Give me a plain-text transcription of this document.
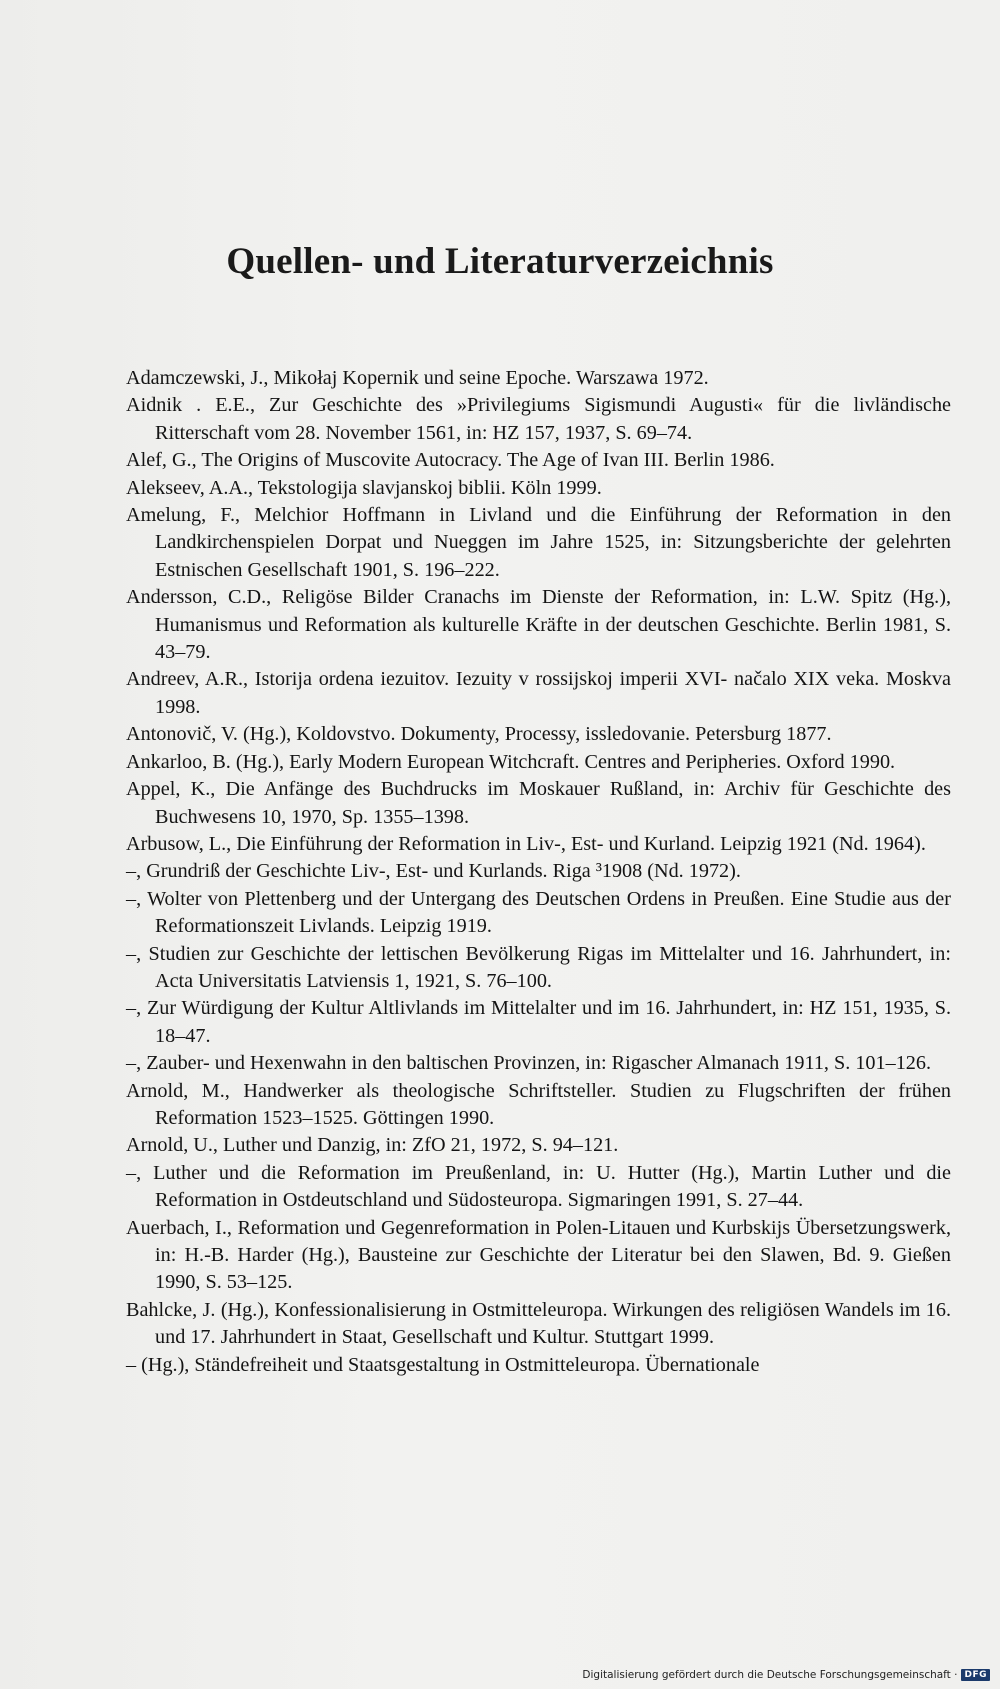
Quellen- und Literaturverzeichnis

Adamczewski, J., Mikołaj Kopernik und seine Epoche. Warszawa 1972.

Aidnik . E.E., Zur Geschichte des »Privilegiums Sigismundi Augusti« für die livländische Ritterschaft vom 28. November 1561, in: HZ 157, 1937, S. 69–74.

Alef, G., The Origins of Muscovite Autocracy. The Age of Ivan III. Berlin 1986.

Alekseev, A.A., Tekstologija slavjanskoj biblii. Köln 1999.

Amelung, F., Melchior Hoffmann in Livland und die Einführung der Reformation in den Landkirchenspielen Dorpat und Nueggen im Jahre 1525, in: Sitzungsberichte der gelehrten Estnischen Gesellschaft 1901, S. 196–222.

Andersson, C.D., Religöse Bilder Cranachs im Dienste der Reformation, in: L.W. Spitz (Hg.), Humanismus und Reformation als kulturelle Kräfte in der deutschen Geschichte. Berlin 1981, S. 43–79.

Andreev, A.R., Istorija ordena iezuitov. Iezuity v rossijskoj imperii XVI- načalo XIX veka. Moskva 1998.

Antonovič, V. (Hg.), Koldovstvo. Dokumenty, Processy, issledovanie. Petersburg 1877.

Ankarloo, B. (Hg.), Early Modern European Witchcraft. Centres and Peripheries. Oxford 1990.

Appel, K., Die Anfänge des Buchdrucks im Moskauer Rußland, in: Archiv für Geschichte des Buchwesens 10, 1970, Sp. 1355–1398.

Arbusow, L., Die Einführung der Reformation in Liv-, Est- und Kurland. Leipzig 1921 (Nd. 1964).

–, Grundriß der Geschichte Liv-, Est- und Kurlands. Riga ³1908 (Nd. 1972).

–, Wolter von Plettenberg und der Untergang des Deutschen Ordens in Preußen. Eine Studie aus der Reformationszeit Livlands. Leipzig 1919.

–, Studien zur Geschichte der lettischen Bevölkerung Rigas im Mittelalter und 16. Jahrhundert, in: Acta Universitatis Latviensis 1, 1921, S. 76–100.

–, Zur Würdigung der Kultur Altlivlands im Mittelalter und im 16. Jahrhundert, in: HZ 151, 1935, S. 18–47.

–, Zauber- und Hexenwahn in den baltischen Provinzen, in: Rigascher Almanach 1911, S. 101–126.

Arnold, M., Handwerker als theologische Schriftsteller. Studien zu Flugschriften der frühen Reformation 1523–1525. Göttingen 1990.

Arnold, U., Luther und Danzig, in: ZfO 21, 1972, S. 94–121.

–, Luther und die Reformation im Preußenland, in: U. Hutter (Hg.), Martin Luther und die Reformation in Ostdeutschland und Südosteuropa. Sigmaringen 1991, S. 27–44.

Auerbach, I., Reformation und Gegenreformation in Polen-Litauen und Kurbskijs Übersetzungswerk, in: H.-B. Harder (Hg.), Bausteine zur Geschichte der Literatur bei den Slawen, Bd. 9. Gießen 1990, S. 53–125.

Bahlcke, J. (Hg.), Konfessionalisierung in Ostmitteleuropa. Wirkungen des religiösen Wandels im 16. und 17. Jahrhundert in Staat, Gesellschaft und Kultur. Stuttgart 1999.

– (Hg.), Ständefreiheit und Staatsgestaltung in Ostmitteleuropa. Übernationale

Digitalisierung gefördert durch die Deutsche Forschungsgemeinschaft · DFG
